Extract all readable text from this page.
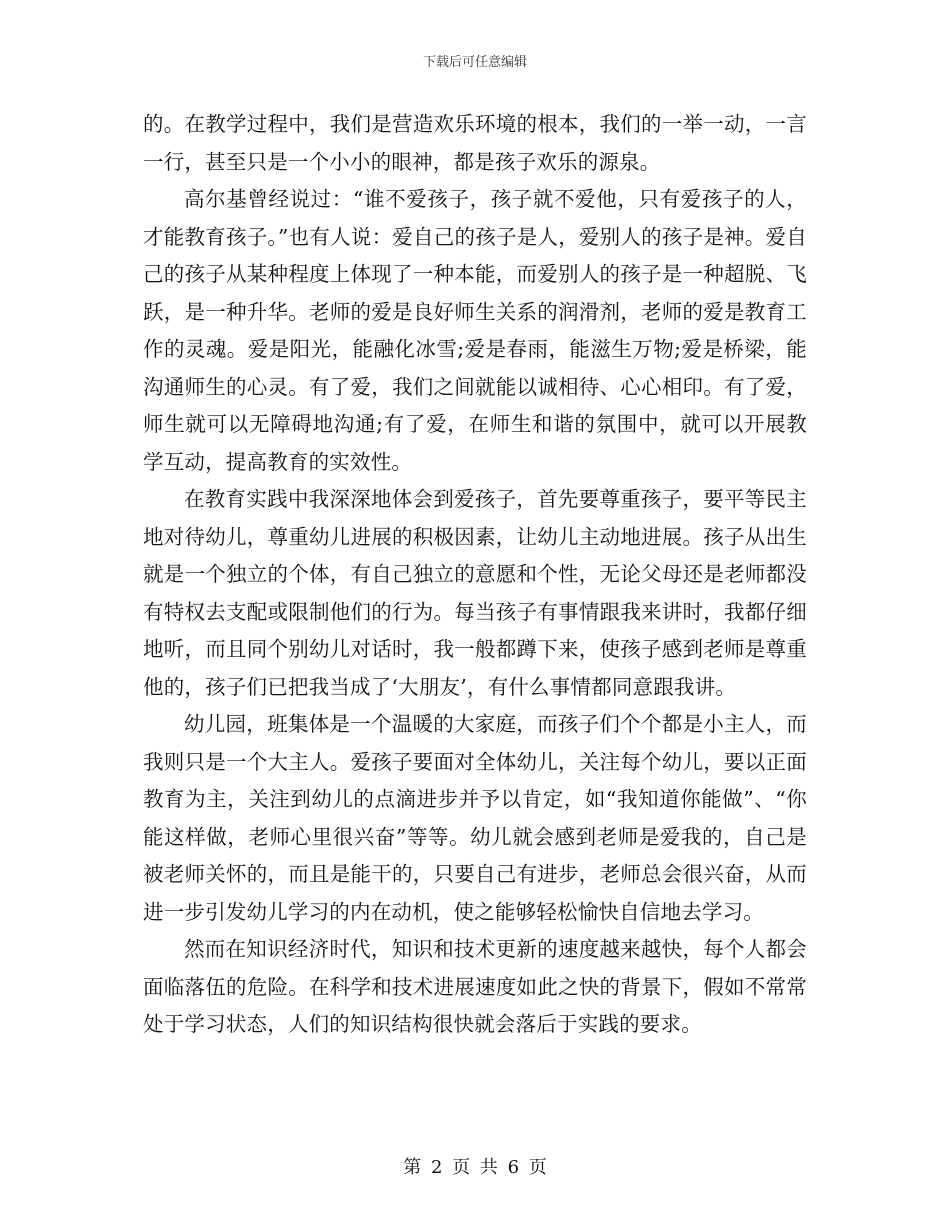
下载后可任意编辑

的。在教学过程中，我们是营造欢乐环境的根本，我们的一举一动，一言一行，甚至只是一个小小的眼神，都是孩子欢乐的源泉。

高尔基曾经说过：“谁不爱孩子，孩子就不爱他，只有爱孩子的人，才能教育孩子。”也有人说：爱自己的孩子是人，爱别人的孩子是神。爱自己的孩子从某种程度上体现了一种本能，而爱别人的孩子是一种超脱、飞跃，是一种升华。老师的爱是良好师生关系的润滑剂，老师的爱是教育工作的灵魂。爱是阳光，能融化冰雪;爱是春雨，能滋生万物;爱是桥梁，能沟通师生的心灵。有了爱，我们之间就能以诚相待、心心相印。有了爱，师生就可以无障碍地沟通;有了爱，在师生和谐的氛围中，就可以开展教学互动，提高教育的实效性。

在教育实践中我深深地体会到爱孩子，首先要尊重孩子，要平等民主地对待幼儿，尊重幼儿进展的积极因素，让幼儿主动地进展。孩子从出生就是一个独立的个体，有自己独立的意愿和个性，无论父母还是老师都没有特权去支配或限制他们的行为。每当孩子有事情跟我来讲时，我都仔细地听，而且同个别幼儿对话时，我一般都蹲下来，使孩子感到老师是尊重他的，孩子们已把我当成了‘大朋友’，有什么事情都同意跟我讲。

幼儿园，班集体是一个温暖的大家庭，而孩子们个个都是小主人，而我则只是一个大主人。爱孩子要面对全体幼儿，关注每个幼儿，要以正面教育为主，关注到幼儿的点滴进步并予以肯定，如“我知道你能做”、“你能这样做，老师心里很兴奋”等等。幼儿就会感到老师是爱我的，自己是被老师关怀的，而且是能干的，只要自己有进步，老师总会很兴奋，从而进一步引发幼儿学习的内在动机，使之能够轻松愉快自信地去学习。

然而在知识经济时代，知识和技术更新的速度越来越快，每个人都会面临落伍的危险。在科学和技术进展速度如此之快的背景下，假如不常常处于学习状态，人们的知识结构很快就会落后于实践的要求。

第 2 页 共 6 页
